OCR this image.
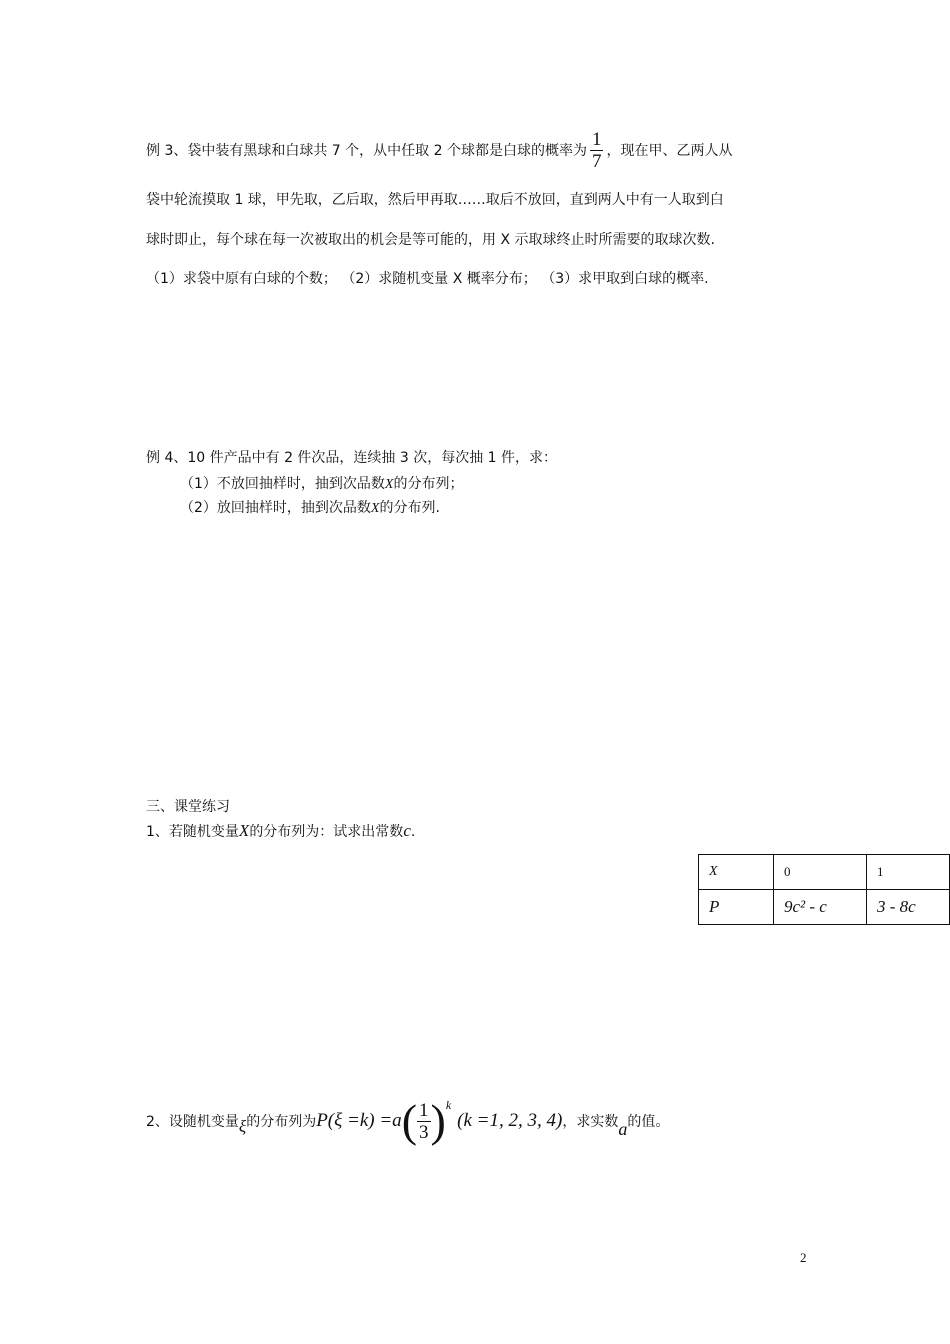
例 3、袋中装有黑球和白球共 7 个，从中任取 2 个球都是白球的概率为 $\frac{1}{7}$ ，现在甲、乙两人从
袋中轮流摸取 1 球，甲先取，乙后取，然后甲再取……取后不放回，直到两人中有一人取到白
球时即止，每个球在每一次被取出的机会是等可能的，用 X 示取球终止时所需要的取球次数.
（1）求袋中原有白球的个数； （2）求随机变量 X 概率分布； （3）求甲取到白球的概率.
例 4、10 件产品中有 2 件次品，连续抽 3 次，每次抽 1 件，求：
（1）不放回抽样时，抽到次品数X的分布列；
（2）放回抽样时，抽到次品数X的分布列.
三、课堂练习
1、若随机变量X的分布列为：试求出常数c.
X	0	1
P	9c² - c	3 - 8c
2、设随机变量 ξ 的分布列为 P(ξ =k) =a ( $\frac{1}{3}$ ) k
(k =1, 2, 3, 4) ，求实数 a 的值。
2
